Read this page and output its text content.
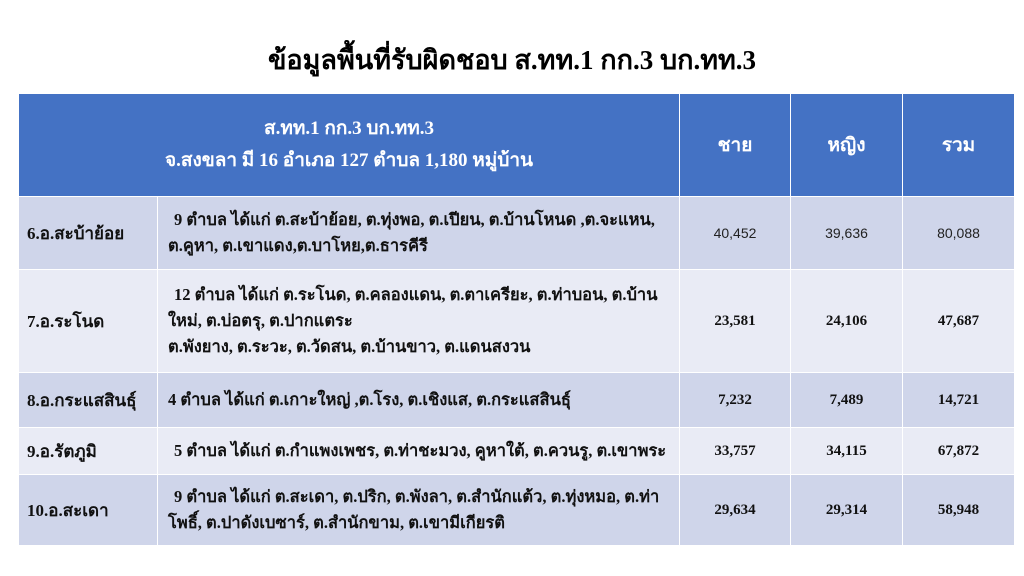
ข้อมูลพื้นที่รับผิดชอบ ส.ทท.1 กก.3 บก.ทท.3
ส.ทท.1 กก.3 บก.ทท.3
จ.สงขลา มี 16 อำเภอ 127 ตำบล 1,180 หมู่บ้าน		ชาย	หญิง	รวม
6.อ.สะบ้าย้อย	9 ตำบล ได้แก่ ต.สะบ้าย้อย, ต.ทุ่งพอ, ต.เปียน, ต.บ้านโหนด ,ต.จะแหน,
ต.คูหา, ต.เขาแดง,ต.บาโหย,ต.ธารคีรี	40,452	39,636	80,088
7.อ.ระโนด	12 ตำบล ได้แก่ ต.ระโนด, ต.คลองแดน, ต.ตาเครียะ, ต.ท่าบอน, ต.บ้าน
ใหม่, ต.บ่อตรุ, ต.ปากแตระ
ต.พังยาง, ต.ระวะ, ต.วัดสน, ต.บ้านขาว, ต.แดนสงวน	23,581	24,106	47,687
8.อ.กระแสสินธุ์	4 ตำบล ได้แก่ ต.เกาะใหญ่ ,ต.โรง, ต.เชิงแส, ต.กระแสสินธุ์	7,232	7,489	14,721
9.อ.รัตภูมิ	5 ตำบล ได้แก่ ต.กำแพงเพชร, ต.ท่าชะมวง, คูหาใต้, ต.ควนรู, ต.เขาพระ	33,757	34,115	67,872
10.อ.สะเดา	9 ตำบล ได้แก่ ต.สะเดา, ต.ปริก, ต.พังลา, ต.สำนักแต้ว, ต.ทุ่งหมอ, ต.ท่า
โพธิ์, ต.ปาดังเบซาร์, ต.สำนักขาม, ต.เขามีเกียรติ	29,634	29,314	58,948
